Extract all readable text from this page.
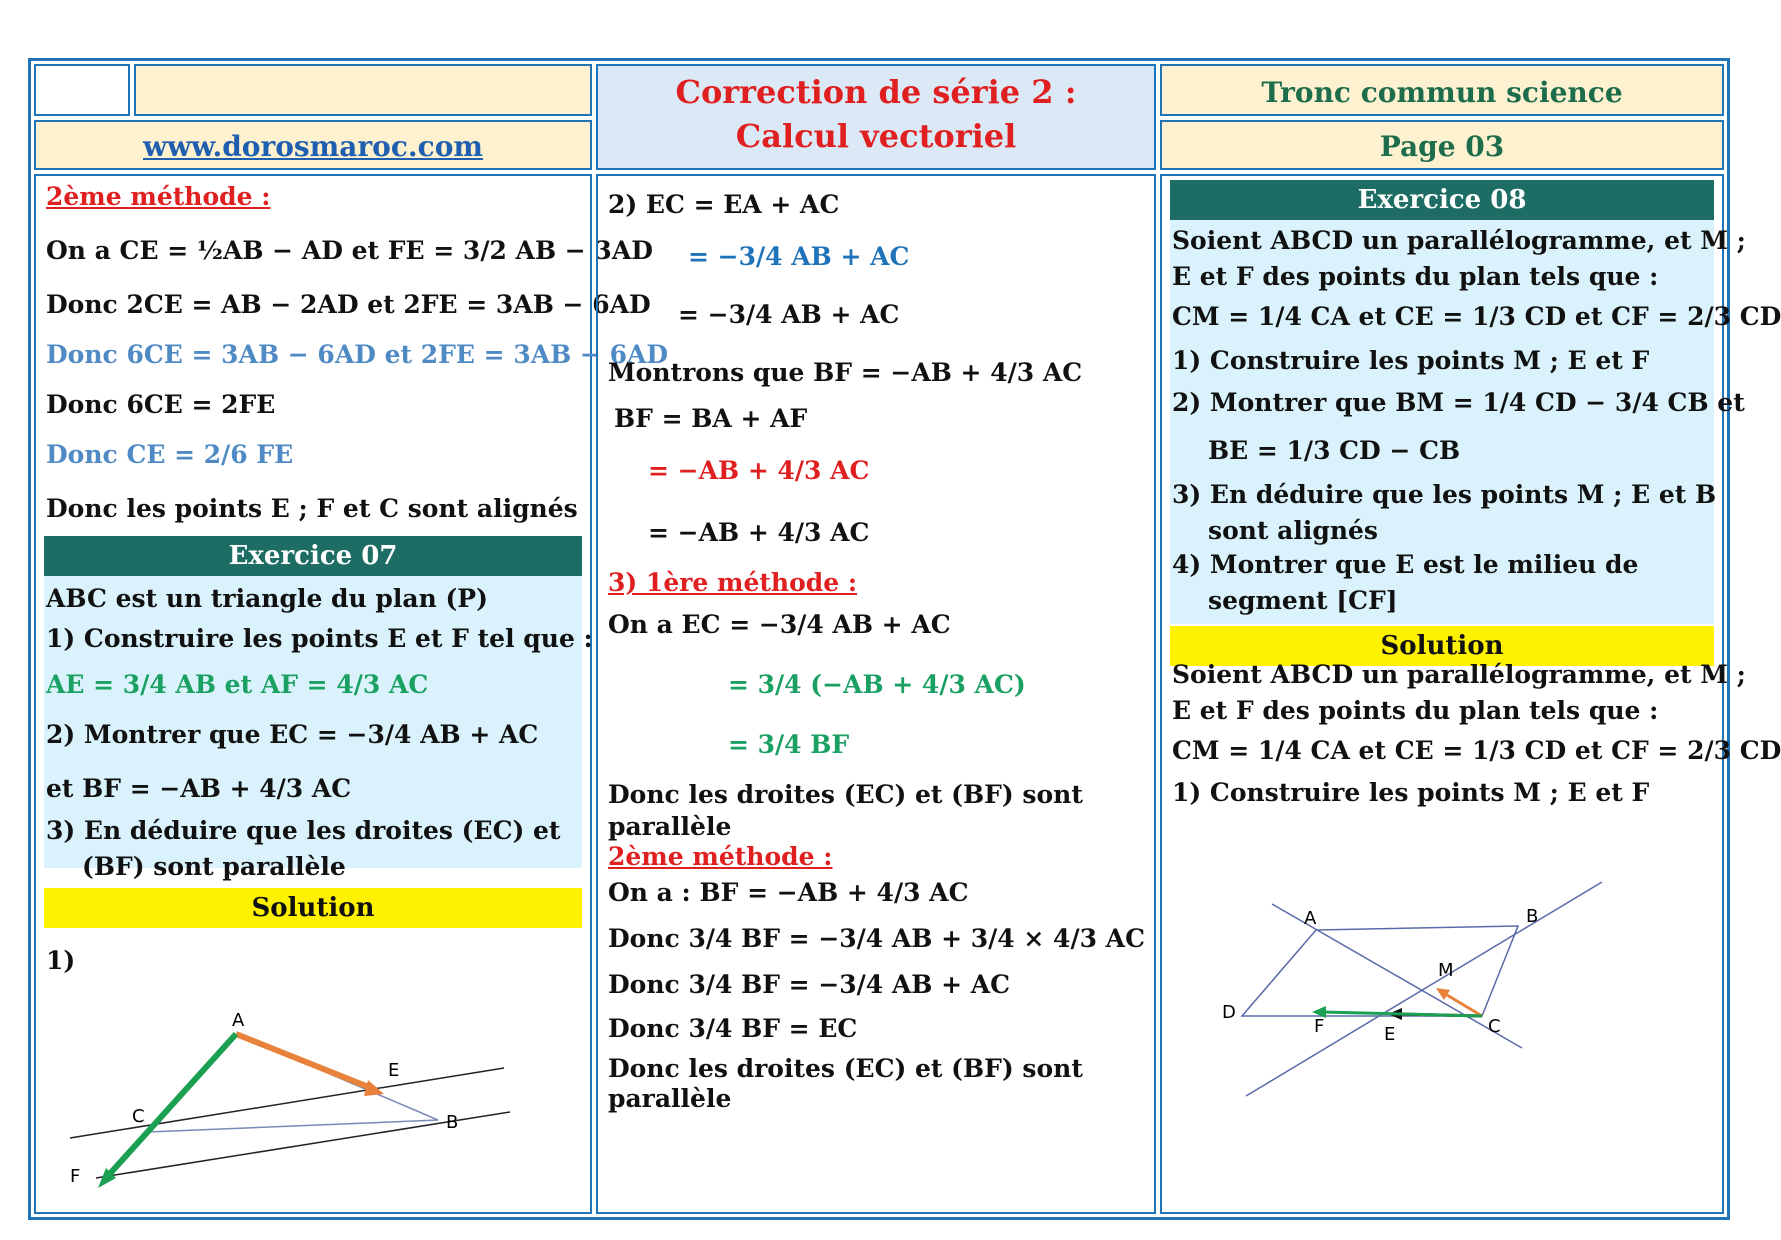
www.dorosmaroc.com
Correction de série 2 :
Calcul vectoriel
Tronc commun science
Page 03
2ème méthode :
On a CE = ½AB − AD et FE = 3/2 AB − 3AD
Donc 2CE = AB − 2AD et 2FE = 3AB − 6AD
Donc 6CE = 3AB − 6AD et 2FE = 3AB − 6AD
Donc 6CE = 2FE
Donc CE = 2/6 FE
Donc les points E ; F et C sont alignés
Exercice 07
ABC est un triangle du plan (P)
1) Construire les points E et F tel que :
AE = 3/4 AB et AF = 4/3 AC
2) Montrer que EC = −3/4 AB + AC
et BF = −AB + 4/3 AC
3) En déduire que les droites (EC) et
(BF) sont parallèle
Solution
1)
A
B
C
E
F
2) EC = EA + AC
= −3/4 AB + AC
= −3/4 AB + AC
Montrons que BF = −AB + 4/3 AC
BF = BA + AF
= −AB + 4/3 AC
= −AB + 4/3 AC
3) 1ère méthode :
On a EC = −3/4 AB + AC
= 3/4 (−AB + 4/3 AC)
= 3/4 BF
Donc les droites (EC) et (BF) sont
parallèle
2ème méthode :
On a : BF = −AB + 4/3 AC
Donc 3/4 BF = −3/4 AB + 3/4 × 4/3 AC
Donc 3/4 BF = −3/4 AB + AC
Donc 3/4 BF = EC
Donc les droites (EC) et (BF) sont
parallèle
Exercice 08
Soient ABCD un parallélogramme, et M ;
E et F des points du plan tels que :
CM = 1/4 CA et CE = 1/3 CD et CF = 2/3 CD
1) Construire les points M ; E et F
2) Montrer que BM = 1/4 CD − 3/4 CB et
BE = 1/3 CD − CB
3) En déduire que les points M ; E et B
sont alignés
4) Montrer que E est le milieu de
segment [CF]
Solution
Soient ABCD un parallélogramme, et M ;
E et F des points du plan tels que :
CM = 1/4 CA et CE = 1/3 CD et CF = 2/3 CD
1) Construire les points M ; E et F
A	B
C
D
E
F
M
